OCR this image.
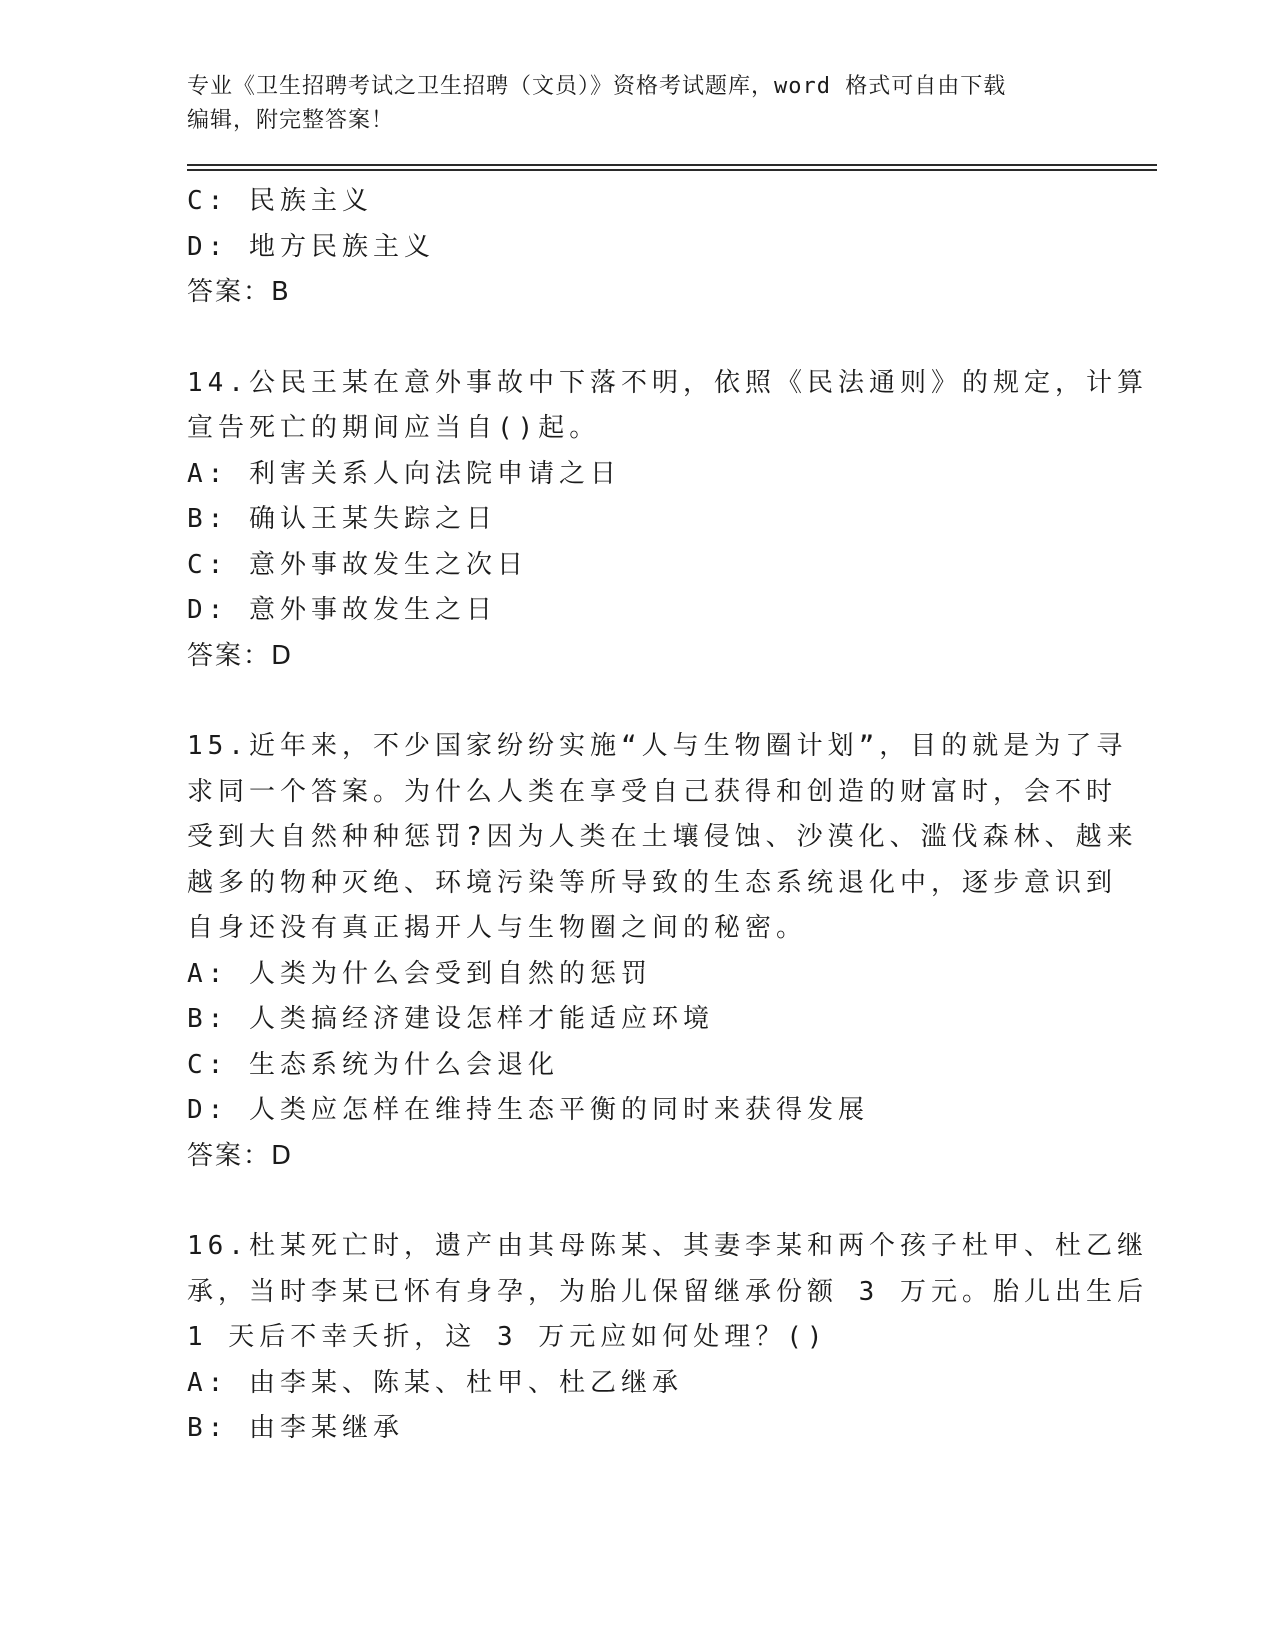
专业《卫生招聘考试之卫生招聘（文员）》资格考试题库，word 格式可自由下载

编辑，附完整答案！

C: 民族主义

D: 地方民族主义

答案：B

14.公民王某在意外事故中下落不明，依照《民法通则》的规定，计算

宣告死亡的期间应当自()起。

A: 利害关系人向法院申请之日

B: 确认王某失踪之日

C: 意外事故发生之次日

D: 意外事故发生之日

答案：D

15.近年来，不少国家纷纷实施“人与生物圈计划”，目的就是为了寻

求同一个答案。为什么人类在享受自己获得和创造的财富时，会不时

受到大自然种种惩罚?因为人类在土壤侵蚀、沙漠化、滥伐森林、越来

越多的物种灭绝、环境污染等所导致的生态系统退化中，逐步意识到

自身还没有真正揭开人与生物圈之间的秘密。

A: 人类为什么会受到自然的惩罚

B: 人类搞经济建设怎样才能适应环境

C: 生态系统为什么会退化

D: 人类应怎样在维持生态平衡的同时来获得发展

答案：D

16.杜某死亡时，遗产由其母陈某、其妻李某和两个孩子杜甲、杜乙继

承，当时李某已怀有身孕，为胎儿保留继承份额 3 万元。胎儿出生后

1 天后不幸夭折，这 3 万元应如何处理？()

A: 由李某、陈某、杜甲、杜乙继承

B: 由李某继承
